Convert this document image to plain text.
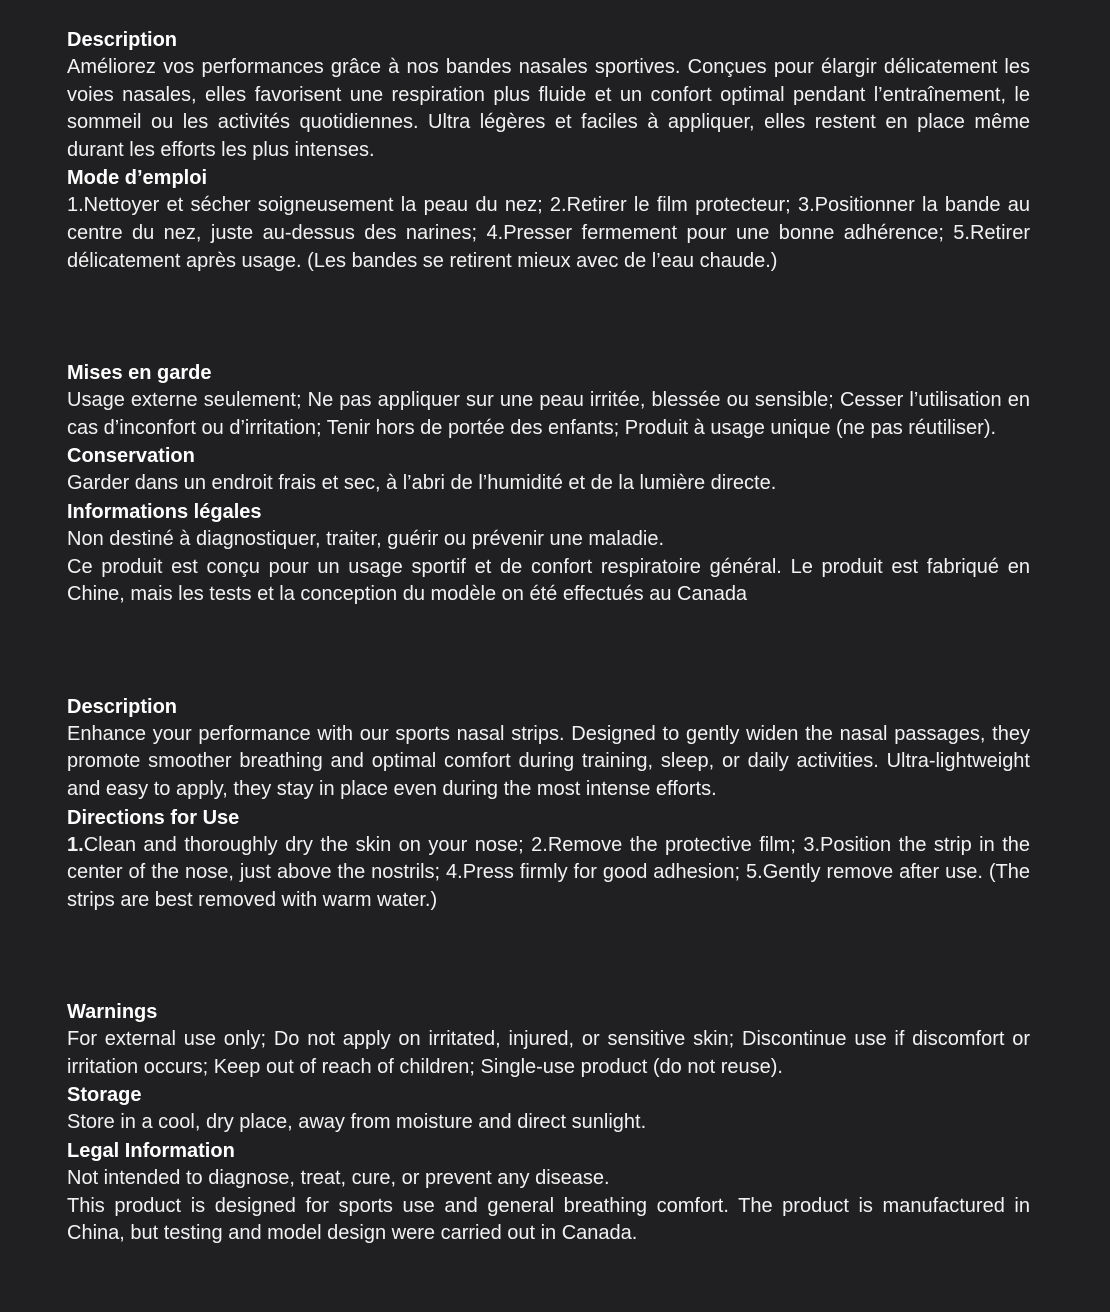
Description

Améliorez vos performances grâce à nos bandes nasales sportives. Conçues pour élargir délicatement les voies nasales, elles favorisent une respiration plus fluide et un confort optimal pendant l’entraînement, le sommeil ou les activités quotidiennes. Ultra légères et faciles à appliquer, elles restent en place même durant les efforts les plus intenses.

Mode d’emploi

1.Nettoyer et sécher soigneusement la peau du nez; 2.Retirer le film protecteur; 3.Positionner la bande au centre du nez, juste au-dessus des narines; 4.Presser fermement pour une bonne adhérence; 5.Retirer délicatement après usage. (Les bandes se retirent mieux avec de l’eau chaude.)

Mises en garde

Usage externe seulement; Ne pas appliquer sur une peau irritée, blessée ou sensible; Cesser l’utilisation en cas d’inconfort ou d’irritation; Tenir hors de portée des enfants; Produit à usage unique (ne pas réutiliser).

Conservation

Garder dans un endroit frais et sec, à l’abri de l’humidité et de la lumière directe.

Informations légales

Non destiné à diagnostiquer, traiter, guérir ou prévenir une maladie.

Ce produit est conçu pour un usage sportif et de confort respiratoire général. Le produit est fabriqué en Chine, mais les tests et la conception du modèle on été effectués au Canada

Description

Enhance your performance with our sports nasal strips. Designed to gently widen the nasal passages, they promote smoother breathing and optimal comfort during training, sleep, or daily activities. Ultra-lightweight and easy to apply, they stay in place even during the most intense efforts.

Directions for Use

1.Clean and thoroughly dry the skin on your nose; 2.Remove the protective film; 3.Position the strip in the center of the nose, just above the nostrils; 4.Press firmly for good adhesion; 5.Gently remove after use. (The strips are best removed with warm water.)

Warnings

For external use only; Do not apply on irritated, injured, or sensitive skin; Discontinue use if discomfort or irritation occurs; Keep out of reach of children; Single-use product (do not reuse).

Storage

Store in a cool, dry place, away from moisture and direct sunlight.

Legal Information

Not intended to diagnose, treat, cure, or prevent any disease.

This product is designed for sports use and general breathing comfort. The product is manufactured in China, but testing and model design were carried out in Canada.
